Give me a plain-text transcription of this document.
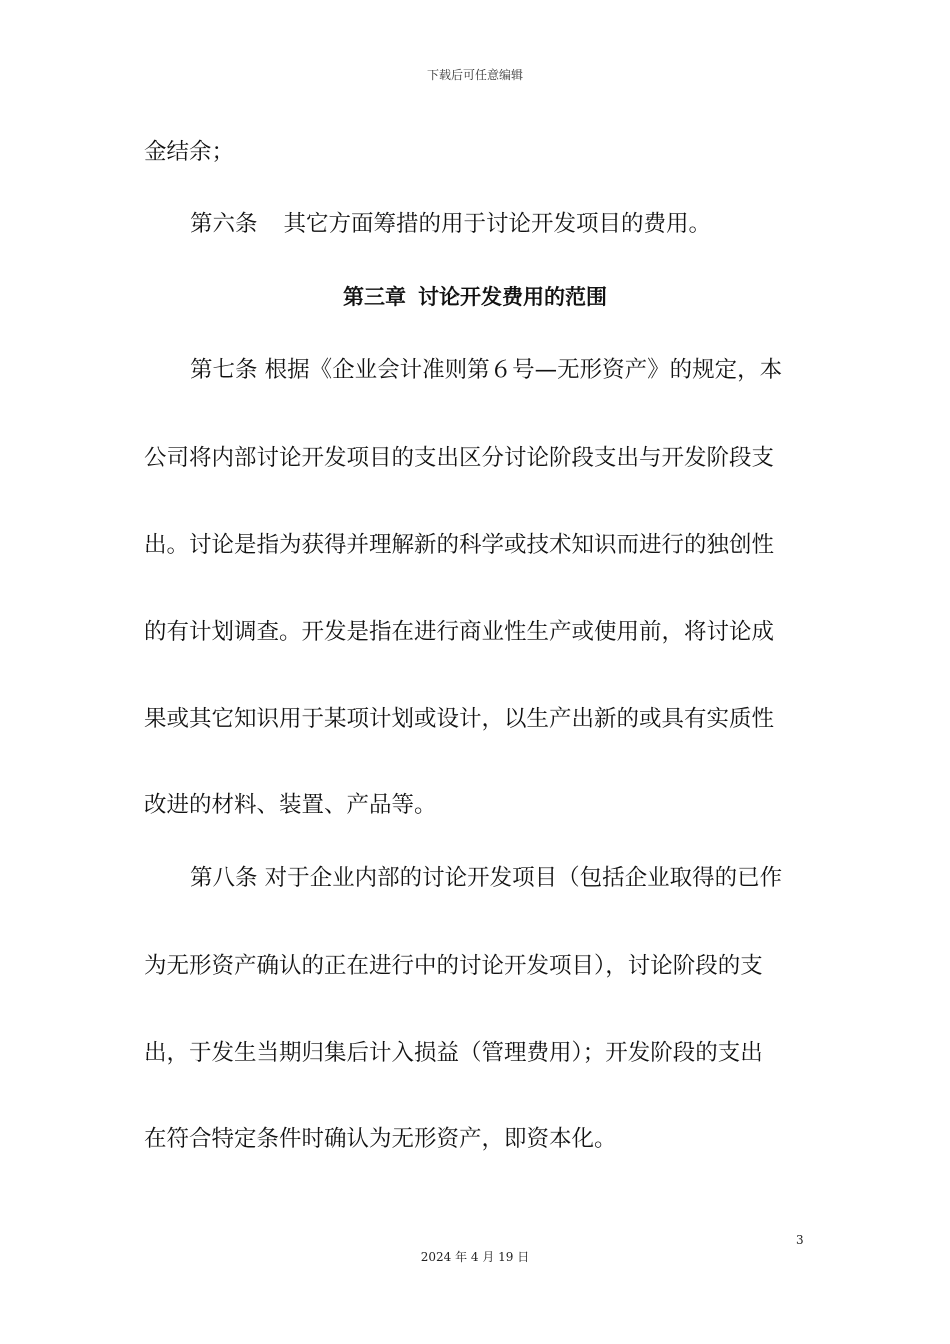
下载后可任意编辑
金结余；
第六条 其它方面筹措的用于讨论开发项目的费用。
第三章 讨论开发费用的范围
第七条 根据《企业会计准则第６号—无形资产》的规定，本
公司将内部讨论开发项目的支出区分讨论阶段支出与开发阶段支
出。讨论是指为获得并理解新的科学或技术知识而进行的独创性
的有计划调查。开发是指在进行商业性生产或使用前，将讨论成
果或其它知识用于某项计划或设计，以生产出新的或具有实质性
改进的材料、装置、产品等。
第八条 对于企业内部的讨论开发项目（包括企业取得的已作
为无形资产确认的正在进行中的讨论开发项目），讨论阶段的支
出，于发生当期归集后计入损益（管理费用）；开发阶段的支出
在符合特定条件时确认为无形资产，即资本化。
3
2024 年 4 月 19 日
